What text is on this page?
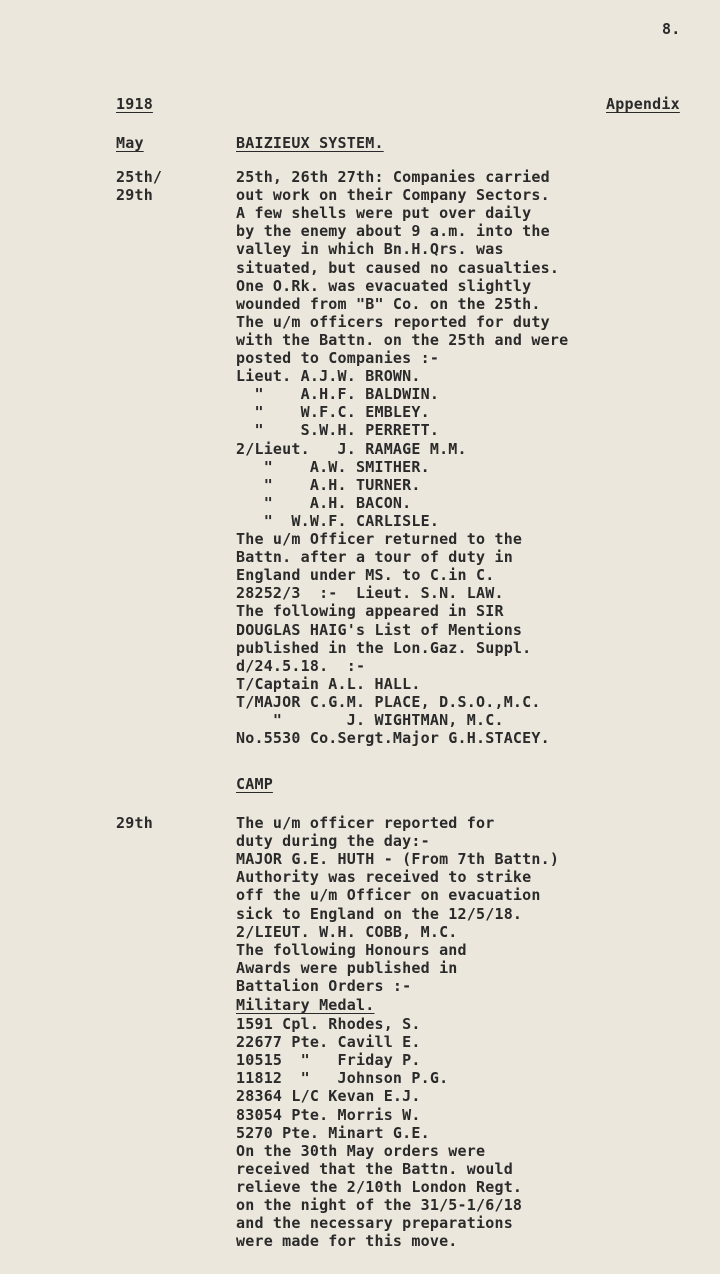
8.
1918	Appendix
May	BAIZIEUX SYSTEM.
25th/
29th
25th, 26th 27th: Companies carried
out work on their Company Sectors.
A few shells were put over daily
by the enemy about 9 a.m. into the
valley in which Bn.H.Qrs. was
situated, but caused no casualties.
One O.Rk. was evacuated slightly
wounded from "B" Co. on the 25th.
The u/m officers reported for duty
with the Battn. on the 25th and were
posted to Companies :-
Lieut. A.J.W. BROWN.
"    A.H.F. BALDWIN.
"    W.F.C. EMBLEY.
"    S.W.H. PERRETT.
2/Lieut.   J. RAMAGE M.M.
"    A.W. SMITHER.
"    A.H. TURNER.
"    A.H. BACON.
"  W.W.F. CARLISLE.
The u/m Officer returned to the
Battn. after a tour of duty in
England under MS. to C.in C.
28252/3  :-  Lieut. S.N. LAW.
The following appeared in SIR
DOUGLAS HAIG's List of Mentions
published in the Lon.Gaz. Suppl.
d/24.5.18.  :-
T/Captain A.L. HALL.
T/MAJOR C.G.M. PLACE, D.S.O.,M.C.
"       J. WIGHTMAN, M.C.
No.5530 Co.Sergt.Major G.H.STACEY.
CAMP
29th	The u/m officer reported for
duty during the day:-
MAJOR G.E. HUTH - (From 7th Battn.)
Authority was received to strike
off the u/m Officer on evacuation
sick to England on the 12/5/18.
2/LIEUT. W.H. COBB, M.C.
The following Honours and
Awards were published in
Battalion Orders :-
Military Medal.
1591 Cpl. Rhodes, S.
22677 Pte. Cavill E.
10515  "   Friday P.
11812  "   Johnson P.G.
28364 L/C Kevan E.J.
83054 Pte. Morris W.
5270 Pte. Minart G.E.
On the 30th May orders were
received that the Battn. would
relieve the 2/10th London Regt.
on the night of the 31/5-1/6/18
and the necessary preparations
were made for this move.
